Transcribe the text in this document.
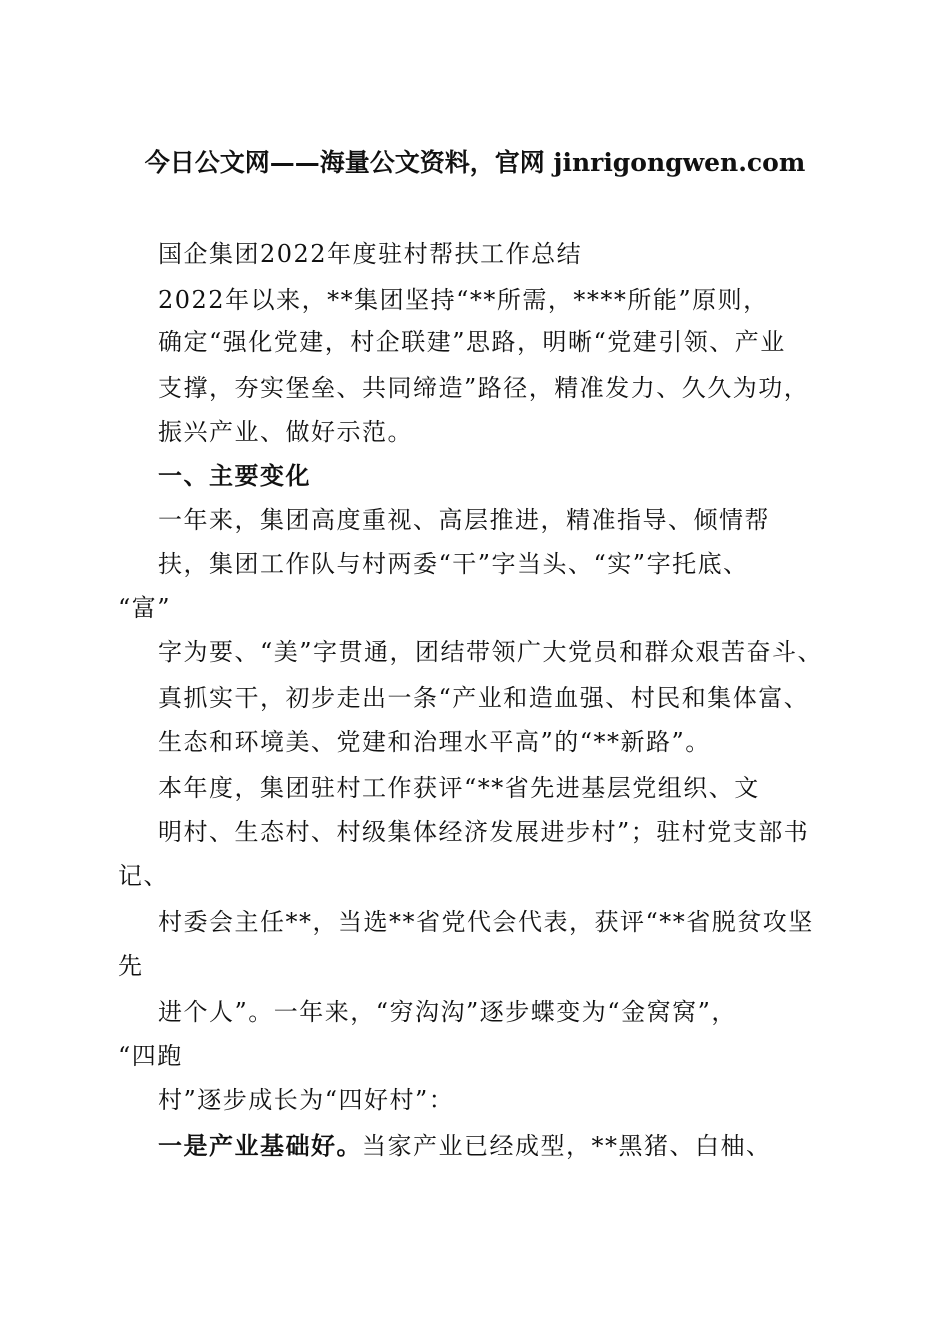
今日公文网——海量公文资料，官网 jinrigongwen.com
国企集团2022年度驻村帮扶工作总结
2022年以来，**集团坚持“**所需，****所能”原则，
确定“强化党建，村企联建”思路，明晰“党建引领、产业
支撑，夯实堡垒、共同缔造”路径，精准发力、久久为功，
振兴产业、做好示范。
一、主要变化
一年来，集团高度重视、高层推进，精准指导、倾情帮
扶，集团工作队与村两委“干”字当头、“实”字托底、
“富”
字为要、“美”字贯通，团结带领广大党员和群众艰苦奋斗、
真抓实干，初步走出一条“产业和造血强、村民和集体富、
生态和环境美、党建和治理水平高”的“**新路”。
本年度，集团驻村工作获评“**省先进基层党组织、文
明村、生态村、村级集体经济发展进步村”；驻村党支部书
记、
村委会主任**，当选**省党代会代表，获评“**省脱贫攻坚
先
进个人”。一年来，“穷沟沟”逐步蝶变为“金窝窝”，
“四跑
村”逐步成长为“四好村”：
一是产业基础好。当家产业已经成型，**黑猪、白柚、
